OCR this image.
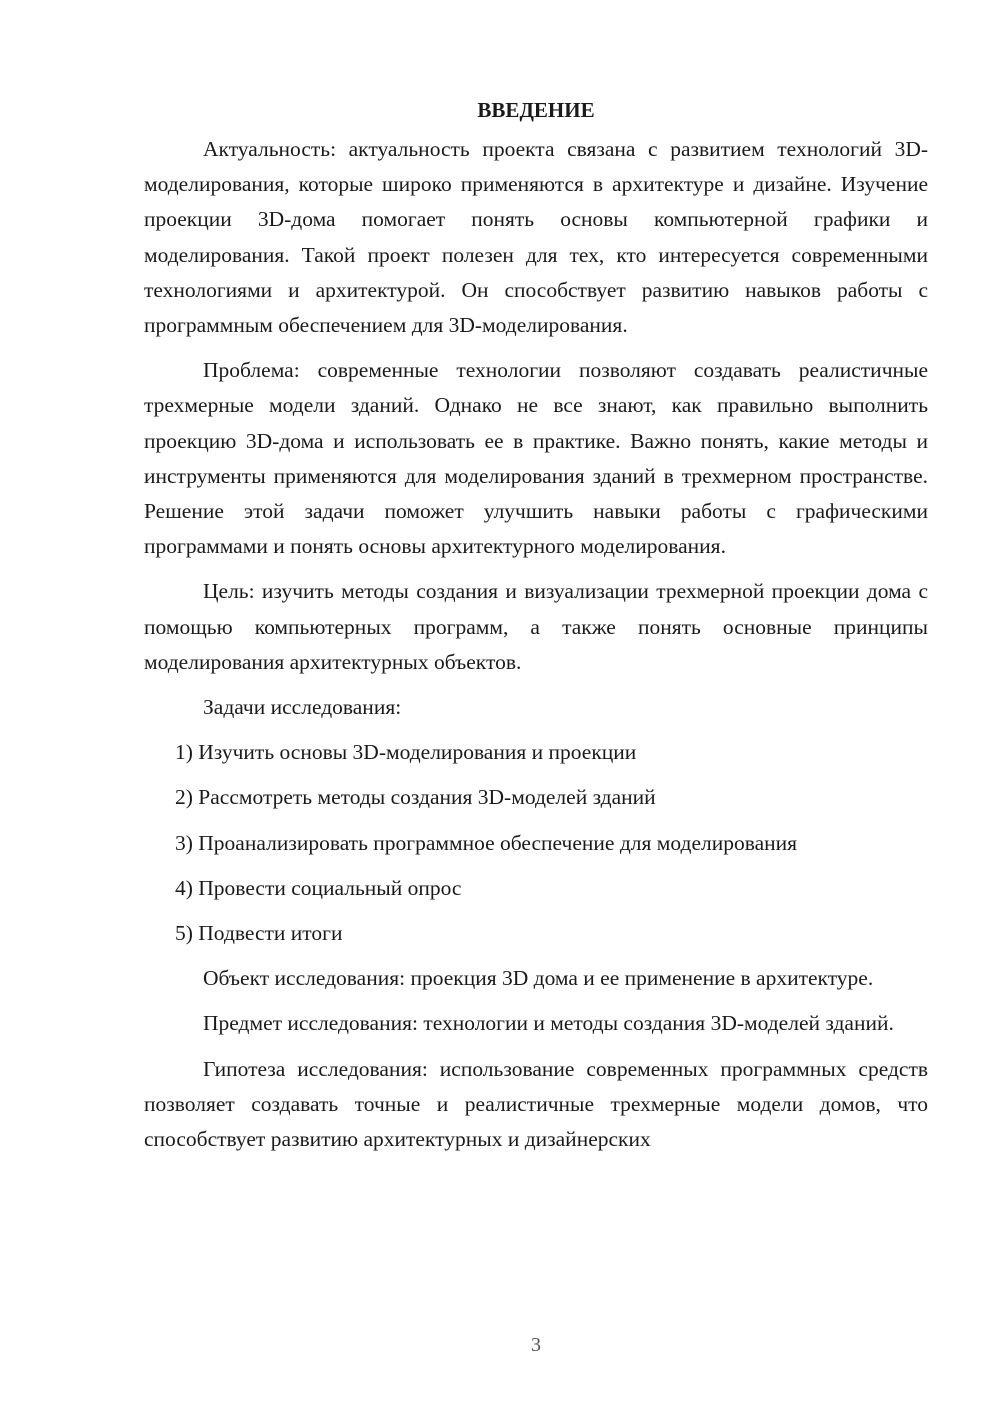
ВВЕДЕНИЕ

Актуальность: актуальность проекта связана с развитием технологий 3D-моделирования, которые широко применяются в архитектуре и дизайне. Изучение проекции 3D-дома помогает понять основы компьютерной графики и моделирования. Такой проект полезен для тех, кто интересуется современными технологиями и архитектурой. Он способствует развитию навыков работы с программным обеспечением для 3D-моделирования.

Проблема: современные технологии позволяют создавать реалистичные трехмерные модели зданий. Однако не все знают, как правильно выполнить проекцию 3D-дома и использовать ее в практике. Важно понять, какие методы и инструменты применяются для моделирования зданий в трехмерном пространстве. Решение этой задачи поможет улучшить навыки работы с графическими программами и понять основы архитектурного моделирования.

Цель: изучить методы создания и визуализации трехмерной проекции дома с помощью компьютерных программ, а также понять основные принципы моделирования архитектурных объектов.

Задачи исследования:

1) Изучить основы 3D-моделирования и проекции
2) Рассмотреть методы создания 3D-моделей зданий
3) Проанализировать программное обеспечение для моделирования
4) Провести социальный опрос
5) Подвести итоги

Объект исследования: проекция 3D дома и ее применение в архитектуре.

Предмет исследования: технологии и методы создания 3D-моделей зданий.

Гипотеза исследования: использование современных программных средств позволяет создавать точные и реалистичные трехмерные модели домов, что способствует развитию архитектурных и дизайнерских

3
